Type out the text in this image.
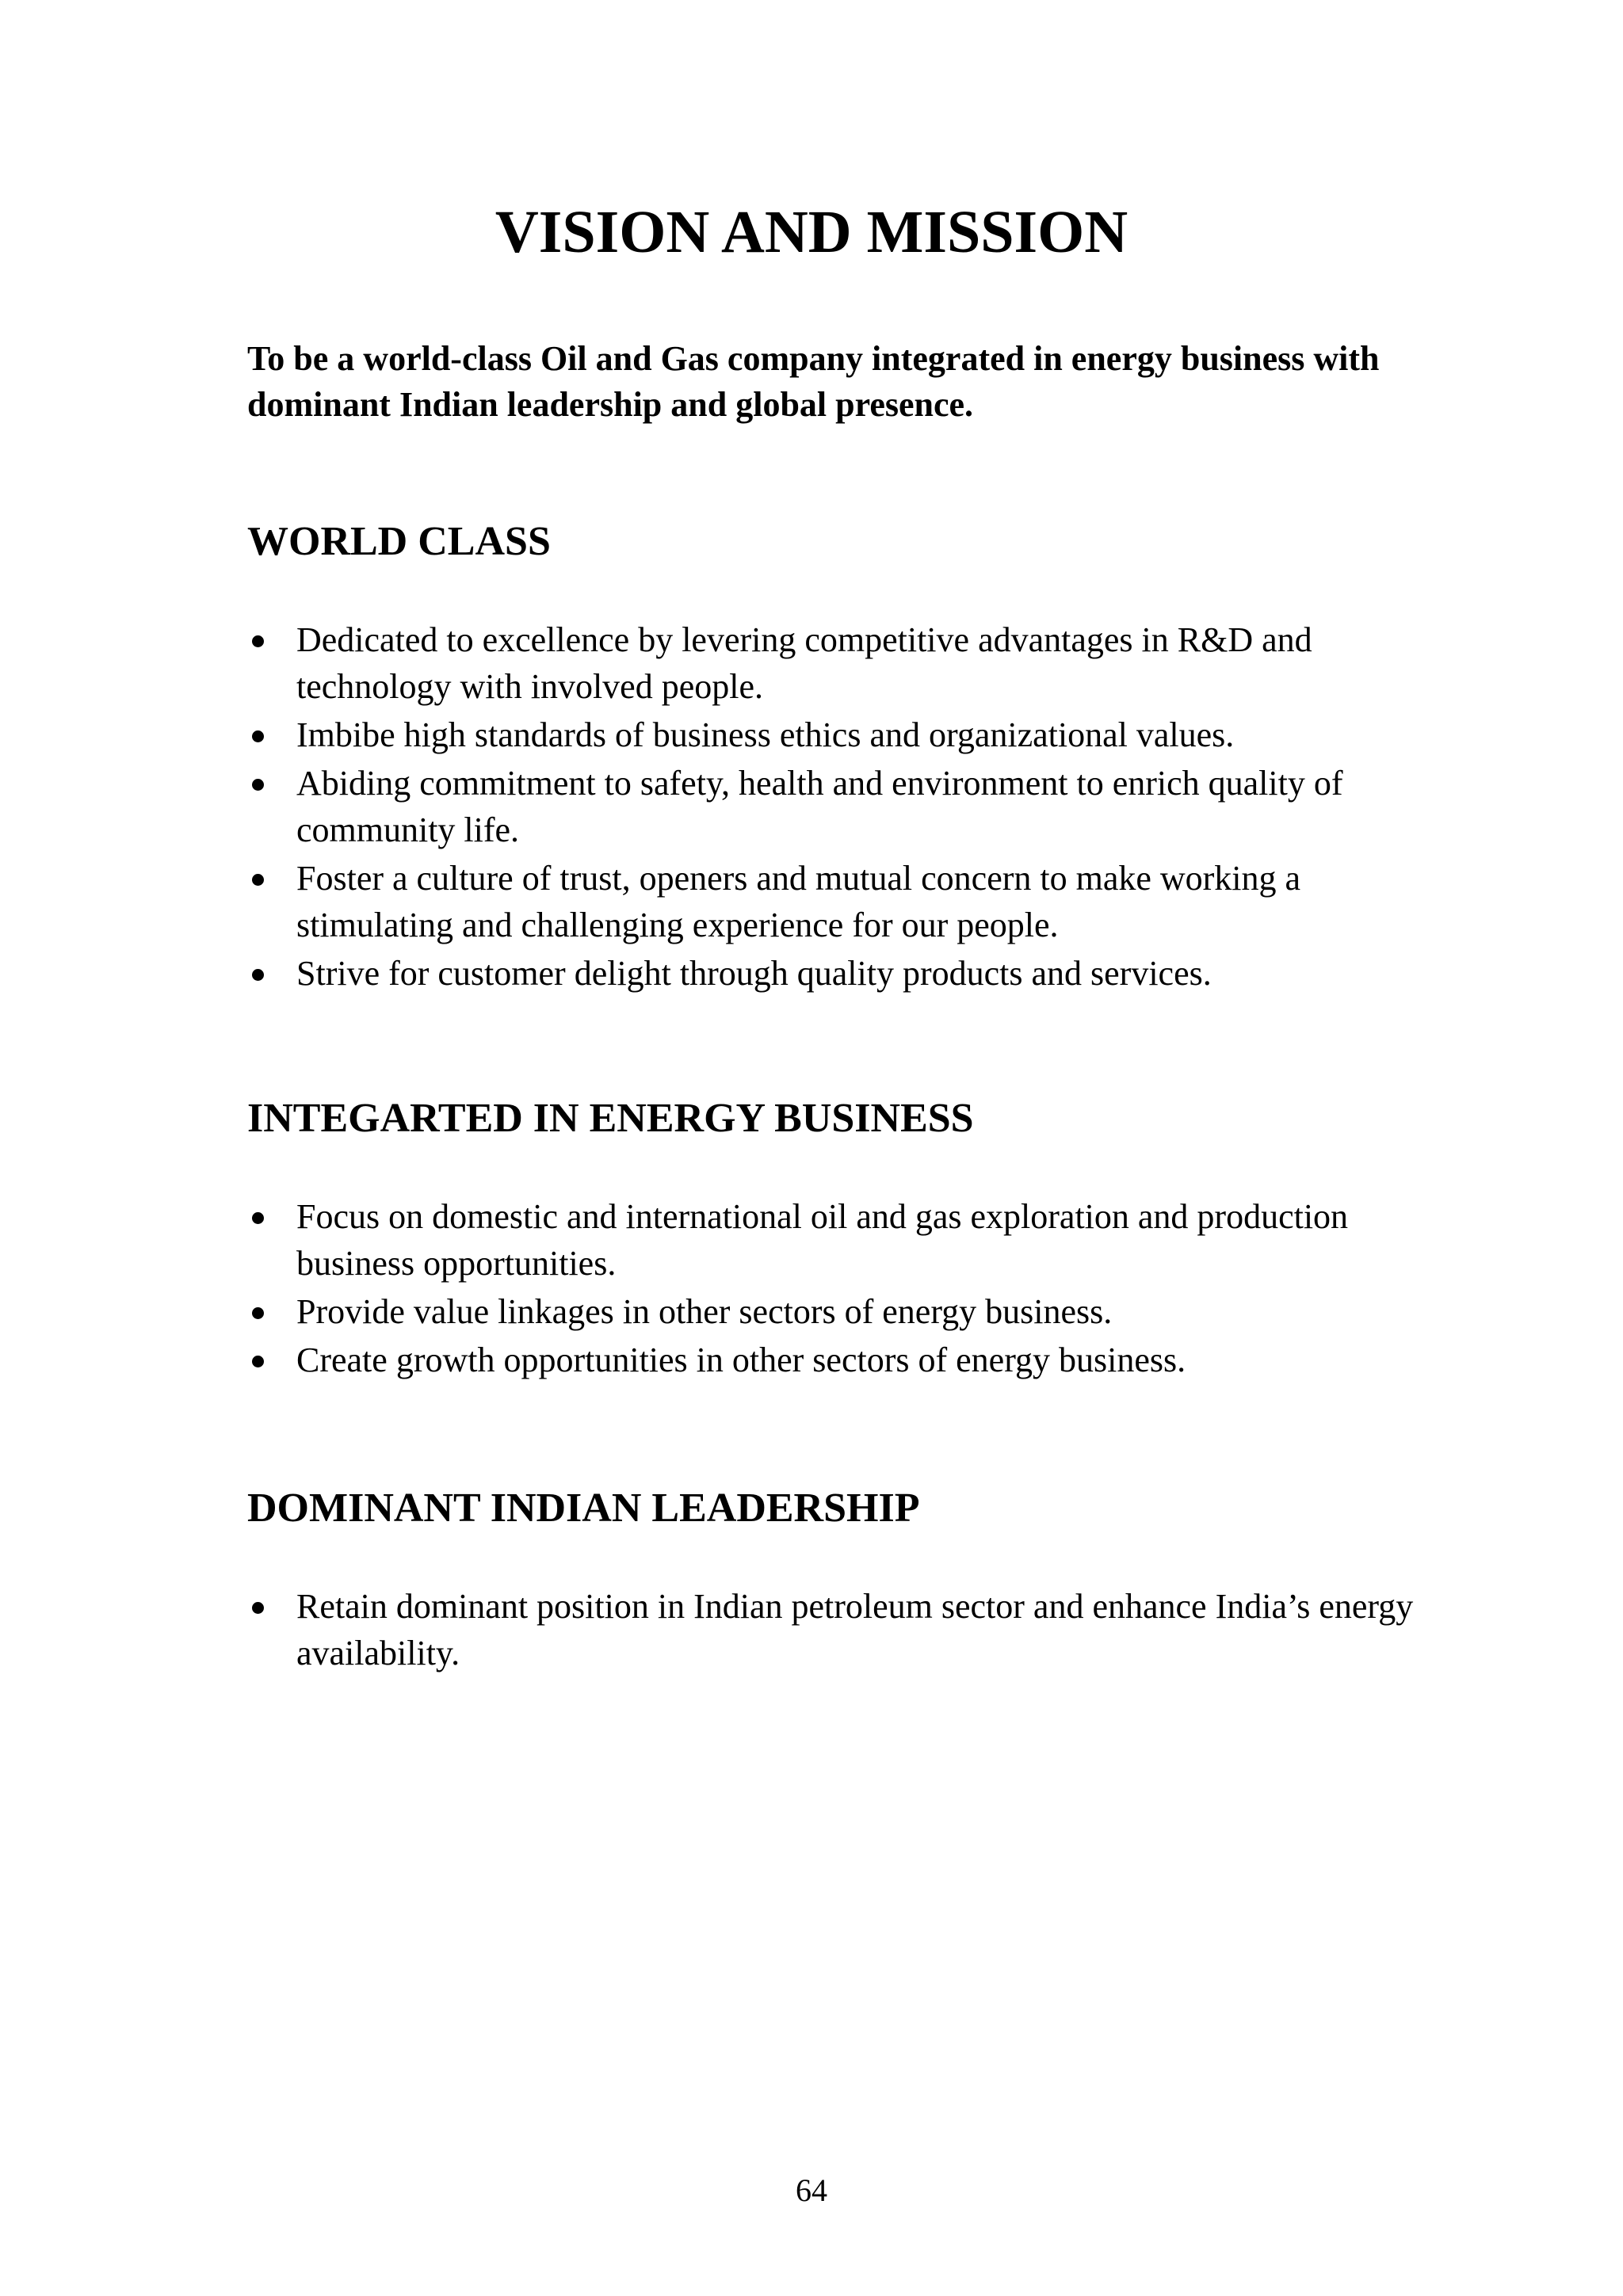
VISION AND MISSION

To be a world-class Oil and Gas company integrated in energy business with dominant Indian leadership and global presence.

WORLD CLASS
Dedicated to excellence by levering competitive advantages in R&D and technology with involved people.
Imbibe high standards of business ethics and organizational values.
Abiding commitment to safety, health and environment to enrich quality of community life.
Foster a culture of trust, openers and mutual concern to make working a stimulating and challenging experience for our people.
Strive for customer delight through quality products and services.
INTEGARTED IN ENERGY BUSINESS
Focus on domestic and international oil and gas exploration and production business opportunities.
Provide value linkages in other sectors of energy business.
Create growth opportunities in other sectors of energy business.
DOMINANT INDIAN LEADERSHIP
Retain dominant position in Indian petroleum sector and enhance India’s energy availability.
64
